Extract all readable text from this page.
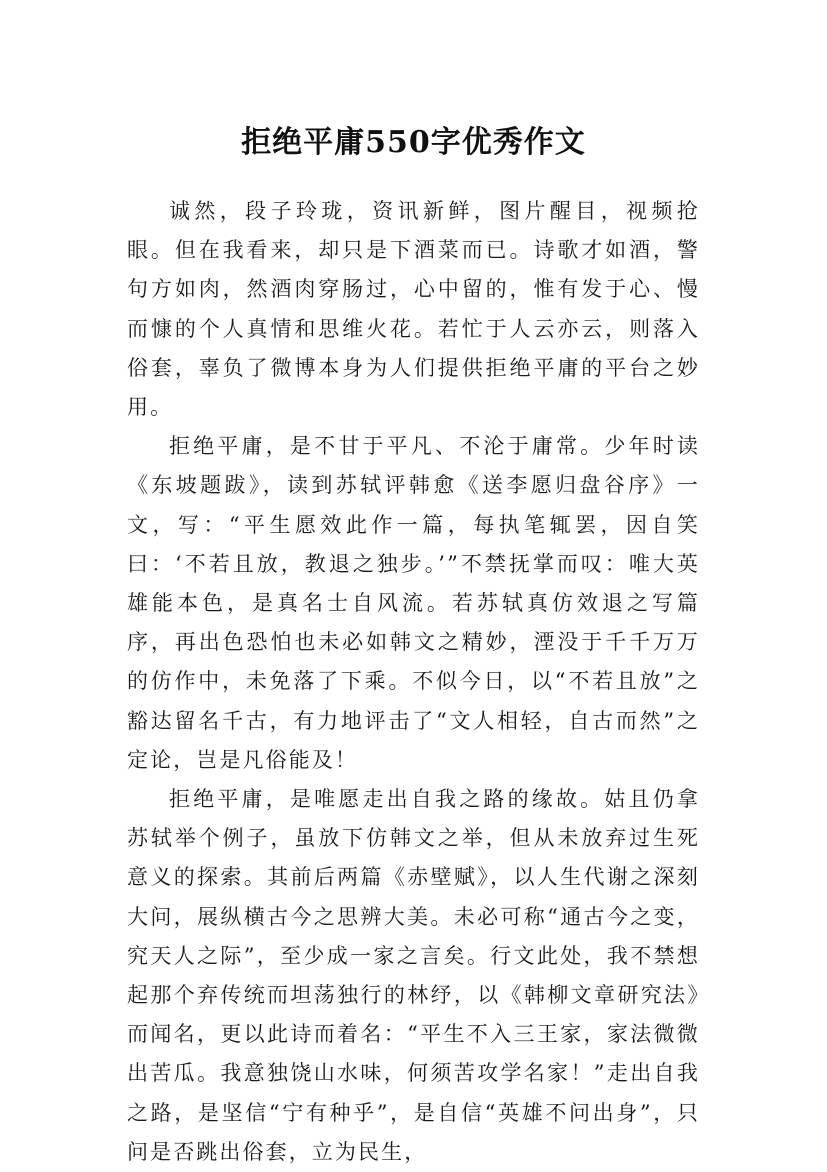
拒绝平庸550字优秀作文

诚然，段子玲珑，资讯新鲜，图片醒目，视频抢眼。但在我看来，却只是下酒菜而已。诗歌才如酒，警句方如肉，然酒肉穿肠过，心中留的，惟有发于心、慢而慷的个人真情和思维火花。若忙于人云亦云，则落入俗套，辜负了微博本身为人们提供拒绝平庸的平台之妙用。

拒绝平庸，是不甘于平凡、不沦于庸常。少年时读《东坡题跋》，读到苏轼评韩愈《送李愿归盘谷序》一文，写：“平生愿效此作一篇，每执笔辄罢，因自笑曰：‘不若且放，教退之独步。’”不禁抚掌而叹：唯大英雄能本色，是真名士自风流。若苏轼真仿效退之写篇序，再出色恐怕也未必如韩文之精妙，湮没于千千万万的仿作中，未免落了下乘。不似今日，以“不若且放”之豁达留名千古，有力地评击了“文人相轻，自古而然”之定论，岂是凡俗能及！

拒绝平庸，是唯愿走出自我之路的缘故。姑且仍拿苏轼举个例子，虽放下仿韩文之举，但从未放弃过生死意义的探索。其前后两篇《赤壁赋》，以人生代谢之深刻大问，展纵横古今之思辨大美。未必可称“通古今之变，究天人之际”，至少成一家之言矣。行文此处，我不禁想起那个弃传统而坦荡独行的林纾，以《韩柳文章研究法》而闻名，更以此诗而着名：“平生不入三王家，家法微微出苦瓜。我意独饶山水味，何须苦攻学名家！”走出自我之路，是坚信“宁有种乎”，是自信“英雄不问出身”，只问是否跳出俗套，立为民生，
